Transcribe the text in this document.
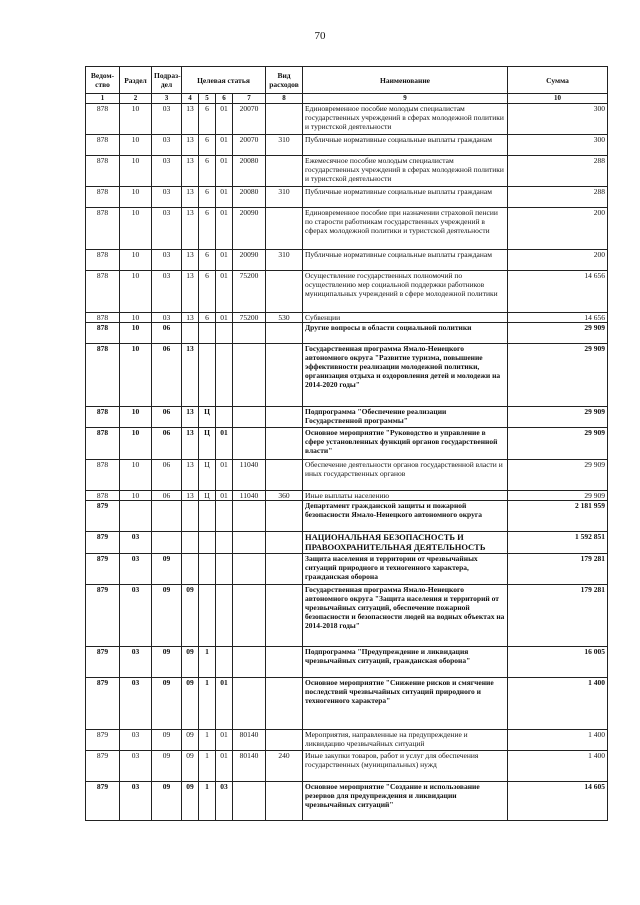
70
Ведом-ство	Раздел	Подраз-дел	Целевая статья				Вид расходов	Наименование	Сумма
1	2	3	4	5	6	7	8	9	10
878	10	03	13	6	01	20070		Единовременное пособие молодым специалистам государственных учреждений в сферах молодежной политики и туристской деятельности	300
878	10	03	13	6	01	20070	310	Публичные нормативные социальные выплаты гражданам	300
878	10	03	13	6	01	20080		Ежемесячное пособие молодым специалистам государственных учреждений в сферах молодежной политики и туристской деятельности	288
878	10	03	13	6	01	20080	310	Публичные нормативные социальные выплаты гражданам	288
878	10	03	13	6	01	20090		Единовременное пособие при назначении страховой пенсии по старости работникам государственных учреждений в сферах молодежной политики и туристской деятельности	200
878	10	03	13	6	01	20090	310	Публичные нормативные социальные выплаты гражданам	200
878	10	03	13	6	01	75200		Осуществление государственных полномочий по осуществлению мер социальной поддержки работников муниципальных учреждений в сфере молодежной политики	14 656
878	10	03	13	6	01	75200	530	Субвенции	14 656
878	10	06						Другие вопросы в области социальной политики	29 909
878	10	06	13					Государственная программа Ямало-Ненецкого автономного округа "Развитие туризма, повышение эффективности реализации молодежной политики, организация отдыха и оздоровления детей и молодежи на 2014-2020 годы"	29 909
878	10	06	13	Ц				Подпрограмма "Обеспечение реализации Государственной программы"	29 909
878	10	06	13	Ц	01			Основное мероприятие "Руководство и управление в сфере установленных функций органов государственной власти"	29 909
878	10	06	13	Ц	01	11040		Обеспечение деятельности органов государственной власти и иных государственных органов	29 909
878	10	06	13	Ц	01	11040	360	Иные выплаты населению	29 909
879								Департамент гражданской защиты и пожарной безопасности Ямало-Ненецкого автономного округа	2 181 959
879	03							НАЦИОНАЛЬНАЯ БЕЗОПАСНОСТЬ И ПРАВООХРАНИТЕЛЬНАЯ ДЕЯТЕЛЬНОСТЬ	1 592 851
879	03	09						Защита населения и территории от чрезвычайных ситуаций природного и техногенного характера, гражданская оборона	179 281
879	03	09	09					Государственная программа Ямало-Ненецкого автономного округа "Защита населения и территорий от чрезвычайных ситуаций, обеспечение пожарной безопасности и безопасности людей на водных объектах на 2014-2018 годы"	179 281
879	03	09	09	1				Подпрограмма "Предупреждение и ликвидация чрезвычайных ситуаций, гражданская оборона"	16 005
879	03	09	09	1	01			Основное мероприятие "Снижение рисков и смягчение последствий чрезвычайных ситуаций природного и техногенного характера"	1 400
879	03	09	09	1	01	80140		Мероприятия, направленные на предупреждение и ликвидацию чрезвычайных ситуаций	1 400
879	03	09	09	1	01	80140	240	Иные закупки товаров, работ и услуг для обеспечения государственных (муниципальных) нужд	1 400
879	03	09	09	1	03			Основное мероприятие "Создание и использование резервов для предупреждения и ликвидации чрезвычайных ситуаций"	14 605
